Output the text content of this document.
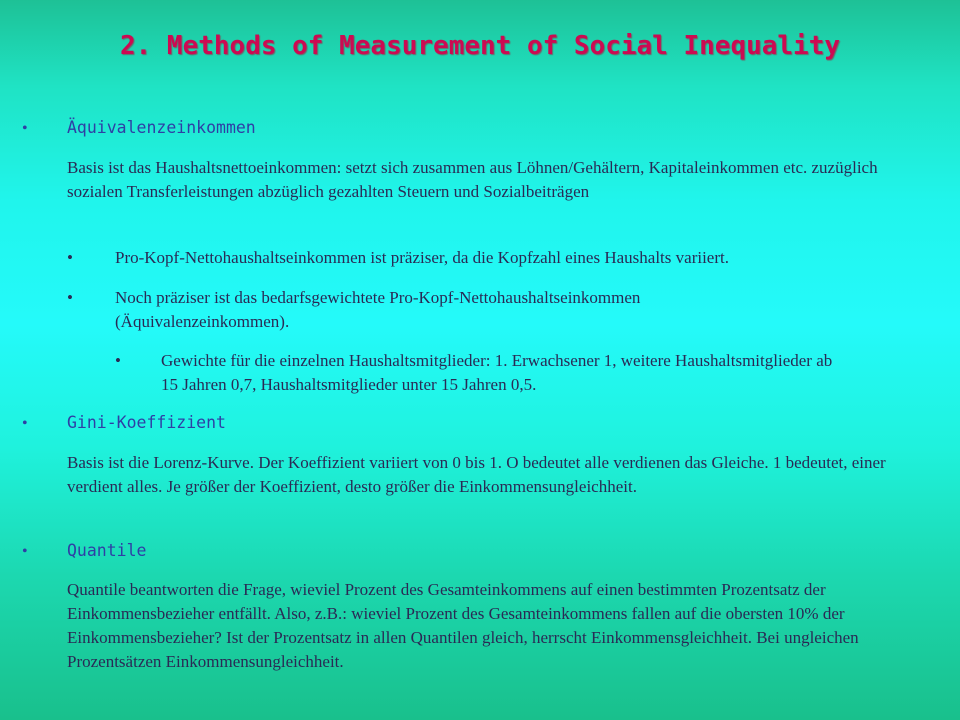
2. Methods of Measurement of Social Inequality
• Äquivalenzeinkommen

Basis ist das Haushaltsnettoeinkommen: setzt sich zusammen aus Löhnen/Gehältern, Kapitaleinkommen etc. zuzüglich sozialen Transferleistungen abzüglich gezahlten Steuern und Sozialbeiträgen

• Pro-Kopf-Nettohaushaltseinkommen ist präziser, da die Kopfzahl eines Haushalts variiert.
• Noch präziser ist das bedarfsgewichtete Pro-Kopf-Nettohaushaltseinkommen (Äquivalenzeinkommen).
• Gewichte für die einzelnen Haushaltsmitglieder: 1. Erwachsener 1, weitere Haushaltsmitglieder ab 15 Jahren 0,7, Haushaltsmitglieder unter 15 Jahren 0,5.
• Gini-Koeffizient

Basis ist die Lorenz-Kurve. Der Koeffizient variiert von 0 bis 1. O bedeutet alle verdienen das Gleiche. 1 bedeutet, einer verdient alles. Je größer der Koeffizient, desto größer die Einkommensungleichheit.

• Quantile

Quantile beantworten die Frage, wieviel Prozent des Gesamteinkommens auf einen bestimmten Prozentsatz der Einkommensbezieher entfällt. Also, z.B.: wieviel Prozent des Gesamteinkommens fallen auf die obersten 10% der Einkommensbezieher? Ist der Prozentsatz in allen Quantilen gleich, herrscht Einkommensgleichheit. Bei ungleichen Prozentsätzen Einkommensungleichheit.
